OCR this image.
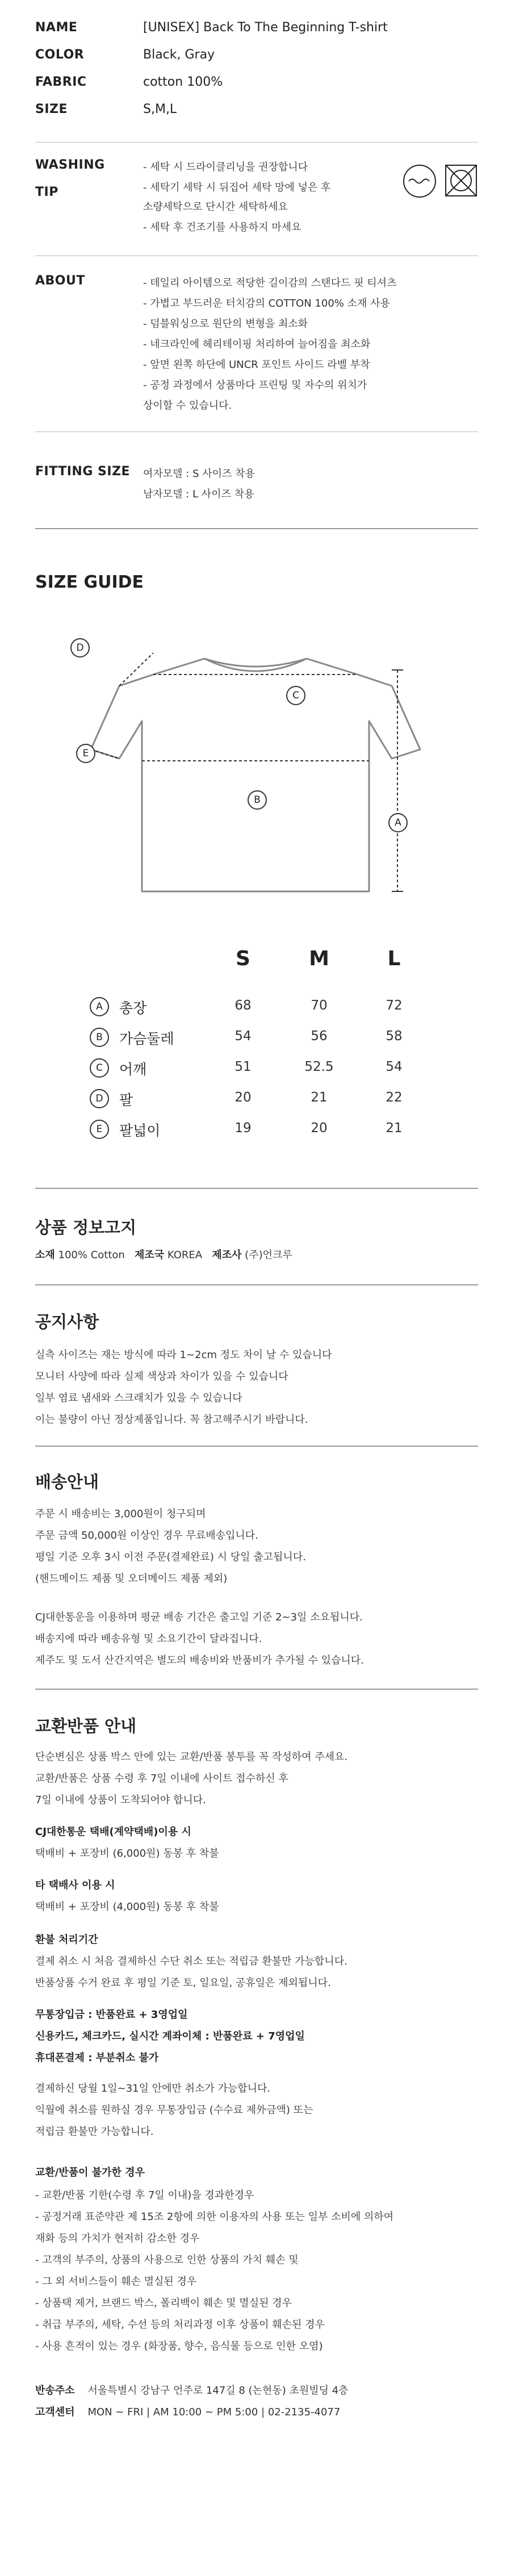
NAME	[UNISEX] Back To The Beginning T-shirt
COLOR	Black, Gray
FABRIC	cotton 100%
SIZE	S,M,L
WASHING
TIP
- 세탁 시 드라이클리닝을 권장합니다
- 세탁기 세탁 시 뒤집어 세탁 망에 넣은 후
소량세탁으로 단시간 세탁하세요
- 세탁 후 건조기를 사용하지 마세요
ABOUT	- 데일리 아이템으로 적당한 길이감의 스탠다드 핏 티셔츠
- 가볍고 부드러운 터치감의 COTTON 100% 소재 사용
- 덤블워싱으로 원단의 변형을 최소화
- 네크라인에 헤리테이핑 처리하여 늘어짐을 최소화
- 앞면 왼쪽 하단에 UNCR 포인트 사이드 라벨 부착
- 공정 과정에서 상품마다 프린팅 및 자수의 위치가
상이할 수 있습니다.
FITTING SIZE 여자모델 : S 사이즈 착용
남자모델 : L 사이즈 착용
SIZE GUIDE
D
C
E
B
A
S	M	L
A	총장	68	70	72
B	가슴둘레	54	56	58
C	어깨	51	52.5	54
D	팔	20	21	22
E	팔넓이	19	20	21
상품 정보고지
소재 100% Cotton 제조국 KOREA 제조사 (주)언크루
공지사항
실측 사이즈는 재는 방식에 따라 1~2cm 정도 차이 날 수 있습니다
모니터 사양에 따라 실제 색상과 차이가 있을 수 있습니다
일부 염료 냄새와 스크래치가 있을 수 있습니다
이는 불량이 아닌 정상제품입니다. 꼭 참고해주시기 바랍니다.
배송안내
주문 시 배송비는 3,000원이 청구되며
주문 금액 50,000원 이상인 경우 무료배송입니다.
평일 기준 오후 3시 이전 주문(결제완료) 시 당일 출고됩니다.
(핸드메이드 제품 및 오더메이드 제품 제외)
CJ대한통운을 이용하며 평균 배송 기간은 출고일 기준 2~3일 소요됩니다.
배송지에 따라 배송유형 및 소요기간이 달라집니다.
제주도 및 도서 산간지역은 별도의 배송비와 반품비가 추가될 수 있습니다.
교환반품 안내
단순변심은 상품 박스 안에 있는 교환/반품 봉투를 꼭 작성하여 주세요.
교환/반품은 상품 수령 후 7일 이내에 사이트 접수하신 후
7일 이내에 상품이 도착되어야 합니다.
CJ대한통운 택배(계약택배)이용 시
택배비 + 포장비 (6,000원) 동봉 후 착불
타 택배사 이용 시
택배비 + 포장비 (4,000원) 동봉 후 착불
환불 처리기간
결제 취소 시 처음 결제하신 수단 취소 또는 적립금 환불만 가능합니다.
반품상품 수거 완료 후 평일 기준 토, 일요일, 공휴일은 제외됩니다.
무통장입금 : 반품완료 + 3영업일
신용카드, 체크카드, 실시간 계좌이체 : 반품완료 + 7영업일
휴대폰결제 : 부분취소 불가
결제하신 당월 1일~31일 안에만 취소가 가능합니다.
익월에 취소를 원하실 경우 무통장입금 (수수료 제外금액) 또는
적립금 환불만 가능합니다.
교환/반품이 불가한 경우
- 교환/반품 기한(수령 후 7일 이내)을 경과한경우
- 공정거래 표준약관 제 15조 2항에 의한 이용자의 사용 또는 일부 소비에 의하여
재화 등의 가치가 현저히 감소한 경우
- 고객의 부주의, 상품의 사용으로 인한 상품의 가치 훼손 및
- 그 외 서비스들이 훼손 멸실된 경우
- 상품택 제거, 브랜드 박스, 폴리백이 훼손 및 멸실된 경우
- 취급 부주의, 세탁, 수선 등의 처리과정 이후 상품이 훼손된 경우
- 사용 흔적이 있는 경우 (화장품, 향수, 음식물 등으로 인한 오염)
반송주소 서울특별시 강남구 언주로 147길 8 (논현동) 초원빌딩 4층
고객센터 MON ~ FRI | AM 10:00 ~ PM 5:00 | 02-2135-4077
